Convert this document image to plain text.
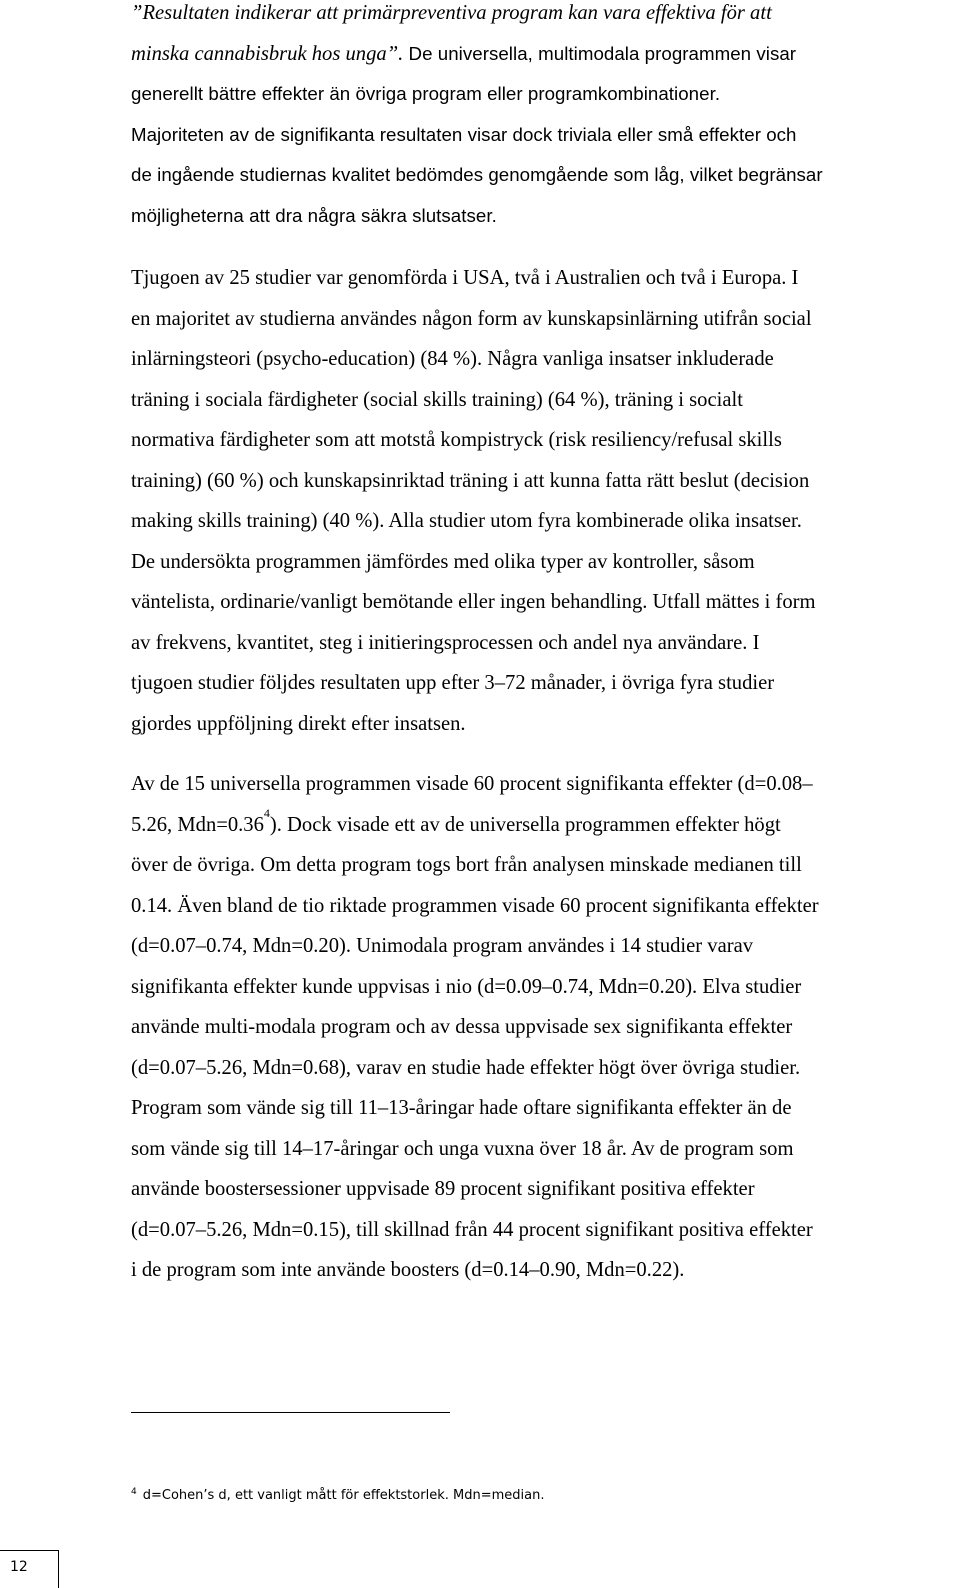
”Resultaten indikerar att primärpreventiva program kan vara effektiva för att
minska cannabisbruk hos unga”. De universella, multimodala programmen visar
generellt bättre effekter än övriga program eller programkombinationer.
Majoriteten av de signifikanta resultaten visar dock triviala eller små effekter och
de ingående studiernas kvalitet bedömdes genomgående som låg, vilket begränsar
möjligheterna att dra några säkra slutsatser.
Tjugoen av 25 studier var genomförda i USA, två i Australien och två i Europa. I
en majoritet av studierna användes någon form av kunskapsinlärning utifrån social
inlärningsteori (psycho-education) (84 %). Några vanliga insatser inkluderade
träning i sociala färdigheter (social skills training) (64 %), träning i socialt
normativa färdigheter som att motstå kompistryck (risk resiliency/refusal skills
training) (60 %) och kunskapsinriktad träning i att kunna fatta rätt beslut (decision
making skills training) (40 %). Alla studier utom fyra kombinerade olika insatser.
De undersökta programmen jämfördes med olika typer av kontroller, såsom
väntelista, ordinarie/vanligt bemötande eller ingen behandling. Utfall mättes i form
av frekvens, kvantitet, steg i initieringsprocessen och andel nya användare. I
tjugoen studier följdes resultaten upp efter 3–72 månader, i övriga fyra studier
gjordes uppföljning direkt efter insatsen.
Av de 15 universella programmen visade 60 procent signifikanta effekter (d=0.08–
5.26, $Mdn=0.36^4$). Dock visade ett av de universella programmen effekter högt
över de övriga. Om detta program togs bort från analysen minskade medianen till
0.14. Även bland de tio riktade programmen visade 60 procent signifikanta effekter
(d=0.07–0.74, Mdn=0.20). Unimodala program användes i 14 studier varav
signifikanta effekter kunde uppvisas i nio (d=0.09–0.74, Mdn=0.20). Elva studier
använde multi-modala program och av dessa uppvisade sex signifikanta effekter
(d=0.07–5.26, Mdn=0.68), varav en studie hade effekter högt över övriga studier.
Program som vände sig till 11–13-åringar hade oftare signifikanta effekter än de
som vände sig till 14–17-åringar och unga vuxna över 18 år. Av de program som
använde boostersessioner uppvisade 89 procent signifikant positiva effekter
(d=0.07–5.26, Mdn=0.15), till skillnad från 44 procent signifikant positiva effekter
i de program som inte använde boosters (d=0.14–0.90, Mdn=0.22).
$^4$ d=Cohen’s d, ett vanligt mått för effektstorlek. Mdn=median.
12
